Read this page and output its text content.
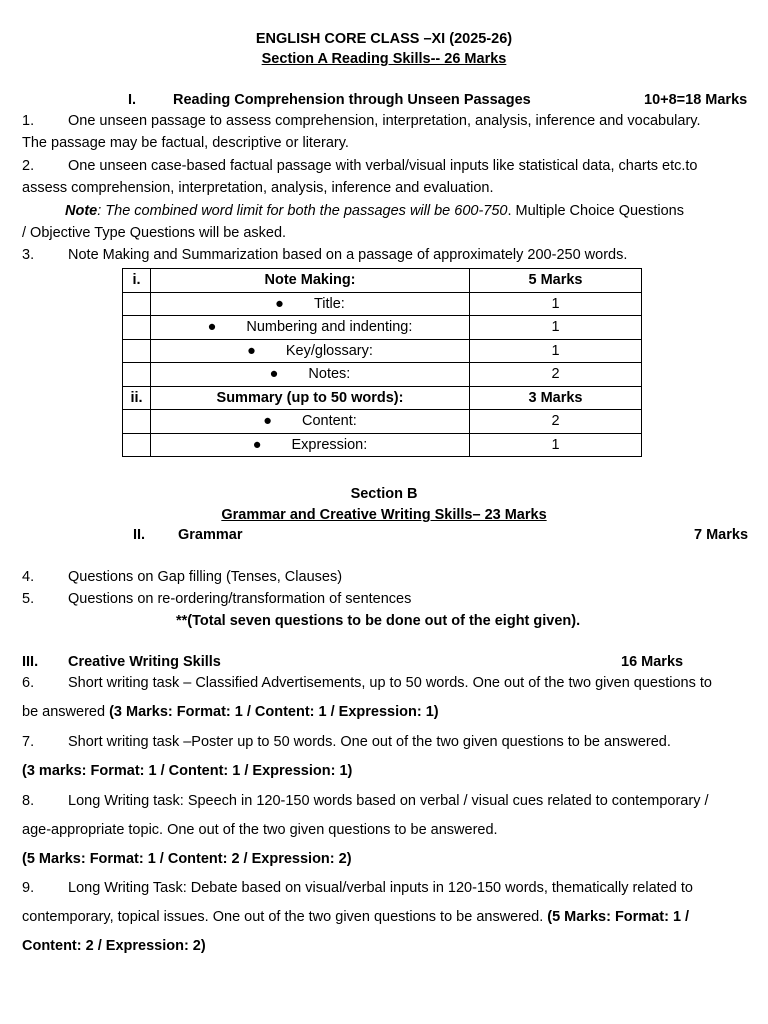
ENGLISH CORE CLASS –XI (2025-26)
Section A Reading Skills-- 26 Marks
I.	Reading Comprehension through Unseen Passages	10+8=18 Marks
1. One unseen passage to assess comprehension, interpretation, analysis, inference and vocabulary.
The passage may be factual, descriptive or literary.
2. One unseen case-based factual passage with verbal/visual inputs like statistical data, charts etc.to
assess comprehension, interpretation, analysis, inference and evaluation.
Note: The combined word limit for both the passages will be 600-750. Multiple Choice Questions
/ Objective Type Questions will be asked.
3. Note Making and Summarization based on a passage of approximately 200-250 words.
i.	Note Making:	5 Marks
	● Title:	1
	● Numbering and indenting:	1
	● Key/glossary:	1
	● Notes:	2
ii.	Summary (up to 50 words):	3 Marks
	● Content:	2
	● Expression:	1
Section B
Grammar and Creative Writing Skills– 23 Marks
II. Grammar	7 Marks
4. Questions on Gap filling (Tenses, Clauses)
5. Questions on re-ordering/transformation of sentences
**(Total seven questions to be done out of the eight given).
III. Creative Writing Skills	16 Marks
6. Short writing task – Classified Advertisements, up to 50 words. One out of the two given questions to
be answered (3 Marks: Format: 1 / Content: 1 / Expression: 1)
7. Short writing task –Poster up to 50 words. One out of the two given questions to be answered.
(3 marks: Format: 1 / Content: 1 / Expression: 1)
8. Long Writing task: Speech in 120-150 words based on verbal / visual cues related to contemporary /
age-appropriate topic. One out of the two given questions to be answered.
(5 Marks: Format: 1 / Content: 2 / Expression: 2)
9. Long Writing Task: Debate based on visual/verbal inputs in 120-150 words, thematically related to
contemporary, topical issues. One out of the two given questions to be answered. (5 Marks: Format: 1 /
Content: 2 / Expression: 2)
